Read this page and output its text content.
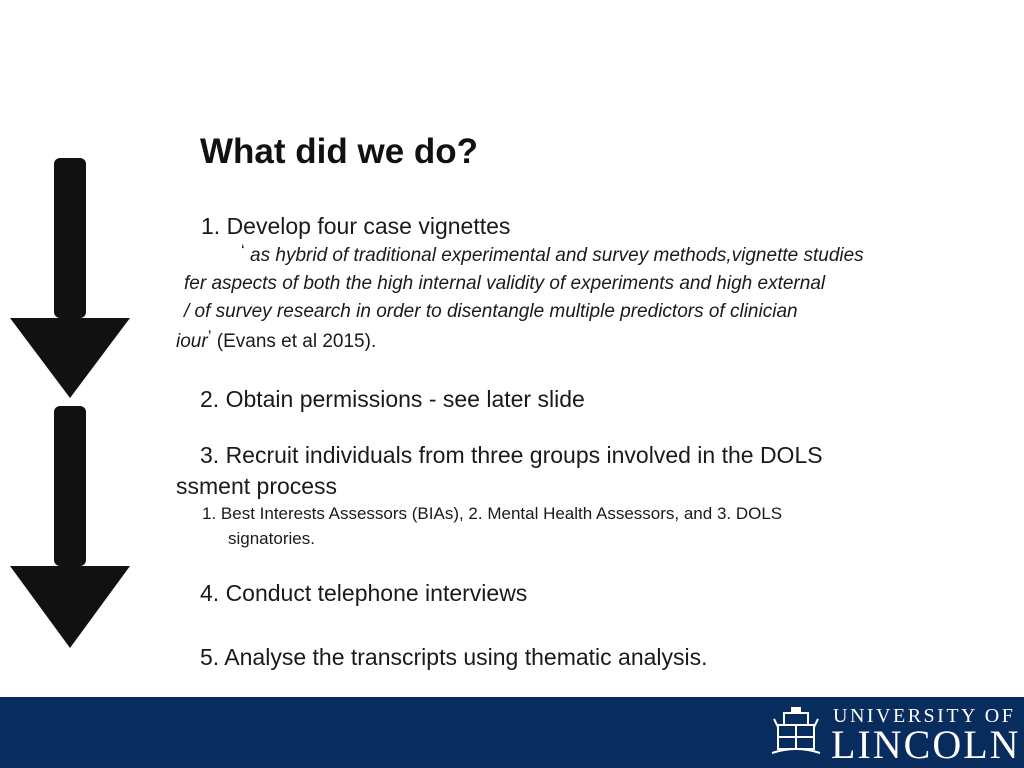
What did we do?
1. Develop four case vignettes
‘ as hybrid of traditional experimental and survey methods,vignette studies
fer aspects of both the high internal validity of experiments and high external
/ of survey research in order to disentangle multiple predictors of clinician
iour’ (Evans et al 2015).
2. Obtain permissions - see later slide
3. Recruit individuals from three groups involved in the DOLS
ssment process
1. Best Interests Assessors (BIAs), 2. Mental Health Assessors, and 3. DOLS
signatories.
4. Conduct telephone interviews
5. Analyse the transcripts using thematic analysis.
UNIVERSITY OF
LINCOLN
